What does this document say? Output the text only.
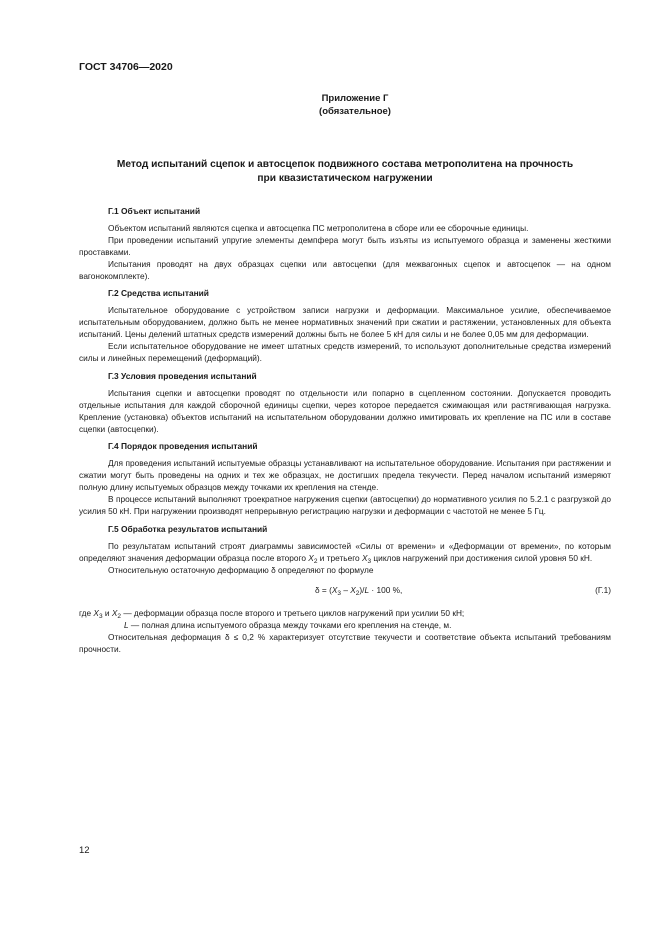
ГОСТ 34706—2020
Приложение Г
(обязательное)
Метод испытаний сцепок и автосцепок подвижного состава метрополитена на прочность
при квазистатическом нагружении
Г.1 Объект испытаний

Объектом испытаний являются сцепка и автосцепка ПС метрополитена в сборе или ее сборочные единицы.

При проведении испытаний упругие элементы демпфера могут быть изъяты из испытуемого образца и заменены жесткими проставками.

Испытания проводят на двух образцах сцепки или автосцепки (для межвагонных сцепок и автосцепок — на одном вагонокомплекте).

Г.2 Средства испытаний

Испытательное оборудование с устройством записи нагрузки и деформации. Максимальное усилие, обеспечиваемое испытательным оборудованием, должно быть не менее нормативных значений при сжатии и растяжении, установленных для объекта испытаний. Цены делений штатных средств измерений должны быть не более 5 кН для силы и не более 0,05 мм для деформации.

Если испытательное оборудование не имеет штатных средств измерений, то используют дополнительные средства измерений силы и линейных перемещений (деформаций).

Г.3 Условия проведения испытаний

Испытания сцепки и автосцепки проводят по отдельности или попарно в сцепленном состоянии. Допускается проводить отдельные испытания для каждой сборочной единицы сцепки, через которое передается сжимающая или растягивающая нагрузка. Крепление (установка) объектов испытаний на испытательном оборудовании должно имитировать их крепление на ПС или в составе сцепки (автосцепки).

Г.4 Порядок проведения испытаний

Для проведения испытаний испытуемые образцы устанавливают на испытательное оборудование. Испытания при растяжении и сжатии могут быть проведены на одних и тех же образцах, не достигших предела текучести. Перед началом испытаний измеряют полную длину испытуемых образцов между точками их крепления на стенде.

В процессе испытаний выполняют троекратное нагружения сцепки (автосцепки) до нормативного усилия по 5.2.1 с разгрузкой до усилия 50 кН. При нагружении производят непрерывную регистрацию нагрузки и деформации с частотой не менее 5 Гц.

Г.5 Обработка результатов испытаний

По результатам испытаний строят диаграммы зависимостей «Силы от времени» и «Деформации от времени», по которым определяют значения деформации образца после второго $X_2$ и третьего $X_3$ циклов нагружений при достижения силой уровня 50 кН.

Относительную остаточную деформацию δ определяют по формуле

$\delta = (X_3 - X_2)/L \cdot 100$ %,	(Г.1)

где $X_3$ и $X_2$ — деформации образца после второго и третьего циклов нагружений при усилии 50 кН;

L — полная длина испытуемого образца между точками его крепления на стенде, м.

Относительная деформация δ ≤ 0,2 % характеризует отсутствие текучести и соответствие объекта испытаний требованиям прочности.

12
